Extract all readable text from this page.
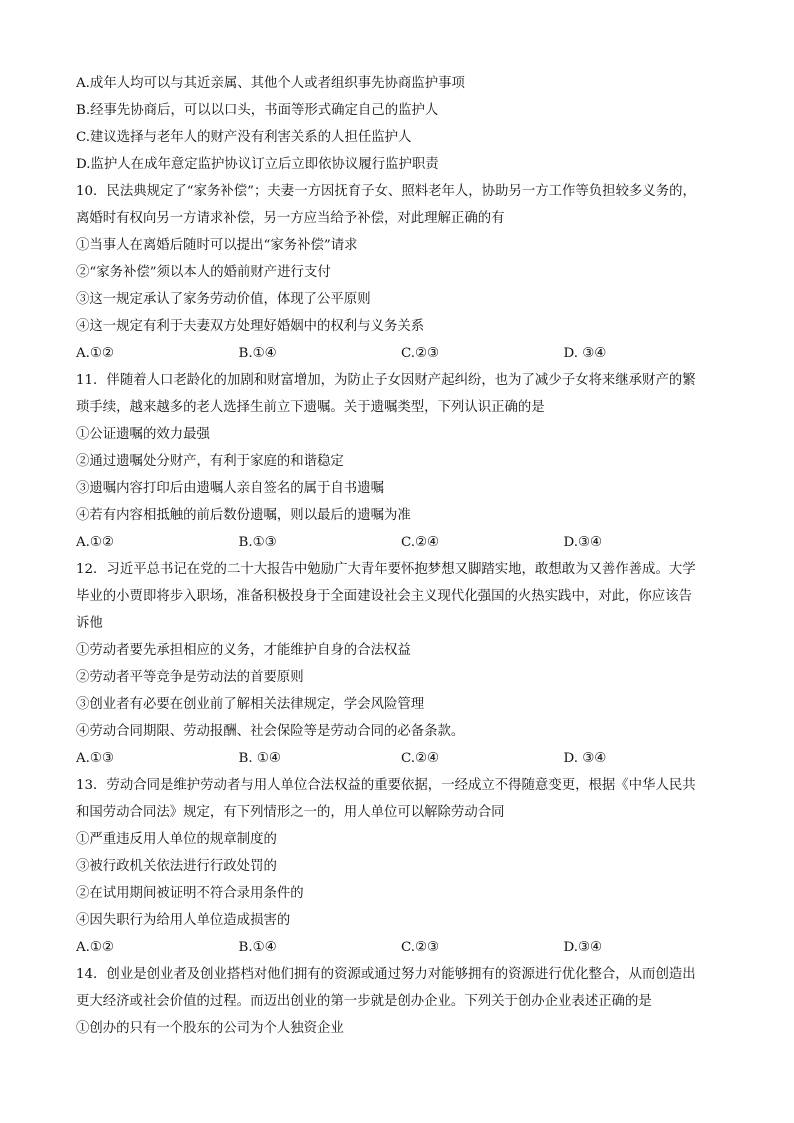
A.成年人均可以与其近亲属、其他个人或者组织事先协商监护事项
B.经事先协商后，可以以口头，书面等形式确定自己的监护人
C.建议选择与老年人的财产没有利害关系的人担任监护人
D.监护人在成年意定监护协议订立后立即依协议履行监护职责
10．民法典规定了“家务补偿”；夫妻一方因抚育子女、照料老年人，协助另一方工作等负担较多义务的，
离婚时有权向另一方请求补偿，另一方应当给予补偿，对此理解正确的有
①当事人在离婚后随时可以提出“家务补偿”请求
②“家务补偿”须以本人的婚前财产进行支付
③这一规定承认了家务劳动价值，体现了公平原则
④这一规定有利于夫妻双方处理好婚姻中的权利与义务关系
A.①②	B.①④	C.②③	D. ③④
11．伴随着人口老龄化的加剧和财富增加，为防止子女因财产起纠纷，也为了减少子女将来继承财产的繁
琐手续，越来越多的老人选择生前立下遗嘱。关于遗嘱类型，下列认识正确的是
①公证遗嘱的效力最强
②通过遗嘱处分财产，有利于家庭的和谐稳定
③遗嘱内容打印后由遗嘱人亲自签名的属于自书遗嘱
④若有内容相抵触的前后数份遗嘱，则以最后的遗嘱为准
A.①②	B.①③	C.②④	D.③④
12．习近平总书记在党的二十大报告中勉励广大青年要怀抱梦想又脚踏实地，敢想敢为又善作善成。大学
毕业的小贾即将步入职场，准备积极投身于全面建设社会主义现代化强国的火热实践中，对此，你应该告
诉他
①劳动者要先承担相应的义务，才能维护自身的合法权益
②劳动者平等竞争是劳动法的首要原则
③创业者有必要在创业前了解相关法律规定，学会风险管理
④劳动合同期限、劳动报酬、社会保险等是劳动合同的必备条款。
A.①③	B. ①④	C.②④	D. ③④
13．劳动合同是维护劳动者与用人单位合法权益的重要依据，一经成立不得随意变更，根据《中华人民共
和国劳动合同法》规定，有下列情形之一的，用人单位可以解除劳动合同
①严重违反用人单位的规章制度的
③被行政机关依法进行行政处罚的
②在试用期间被证明不符合录用条件的
④因失职行为给用人单位造成损害的
A.①②	B.①④	C.②③	D.③④
14．创业是创业者及创业搭档对他们拥有的资源或通过努力对能够拥有的资源进行优化整合，从而创造出
更大经济或社会价值的过程。而迈出创业的第一步就是创办企业。下列关于创办企业表述正确的是
①创办的只有一个股东的公司为个人独资企业
